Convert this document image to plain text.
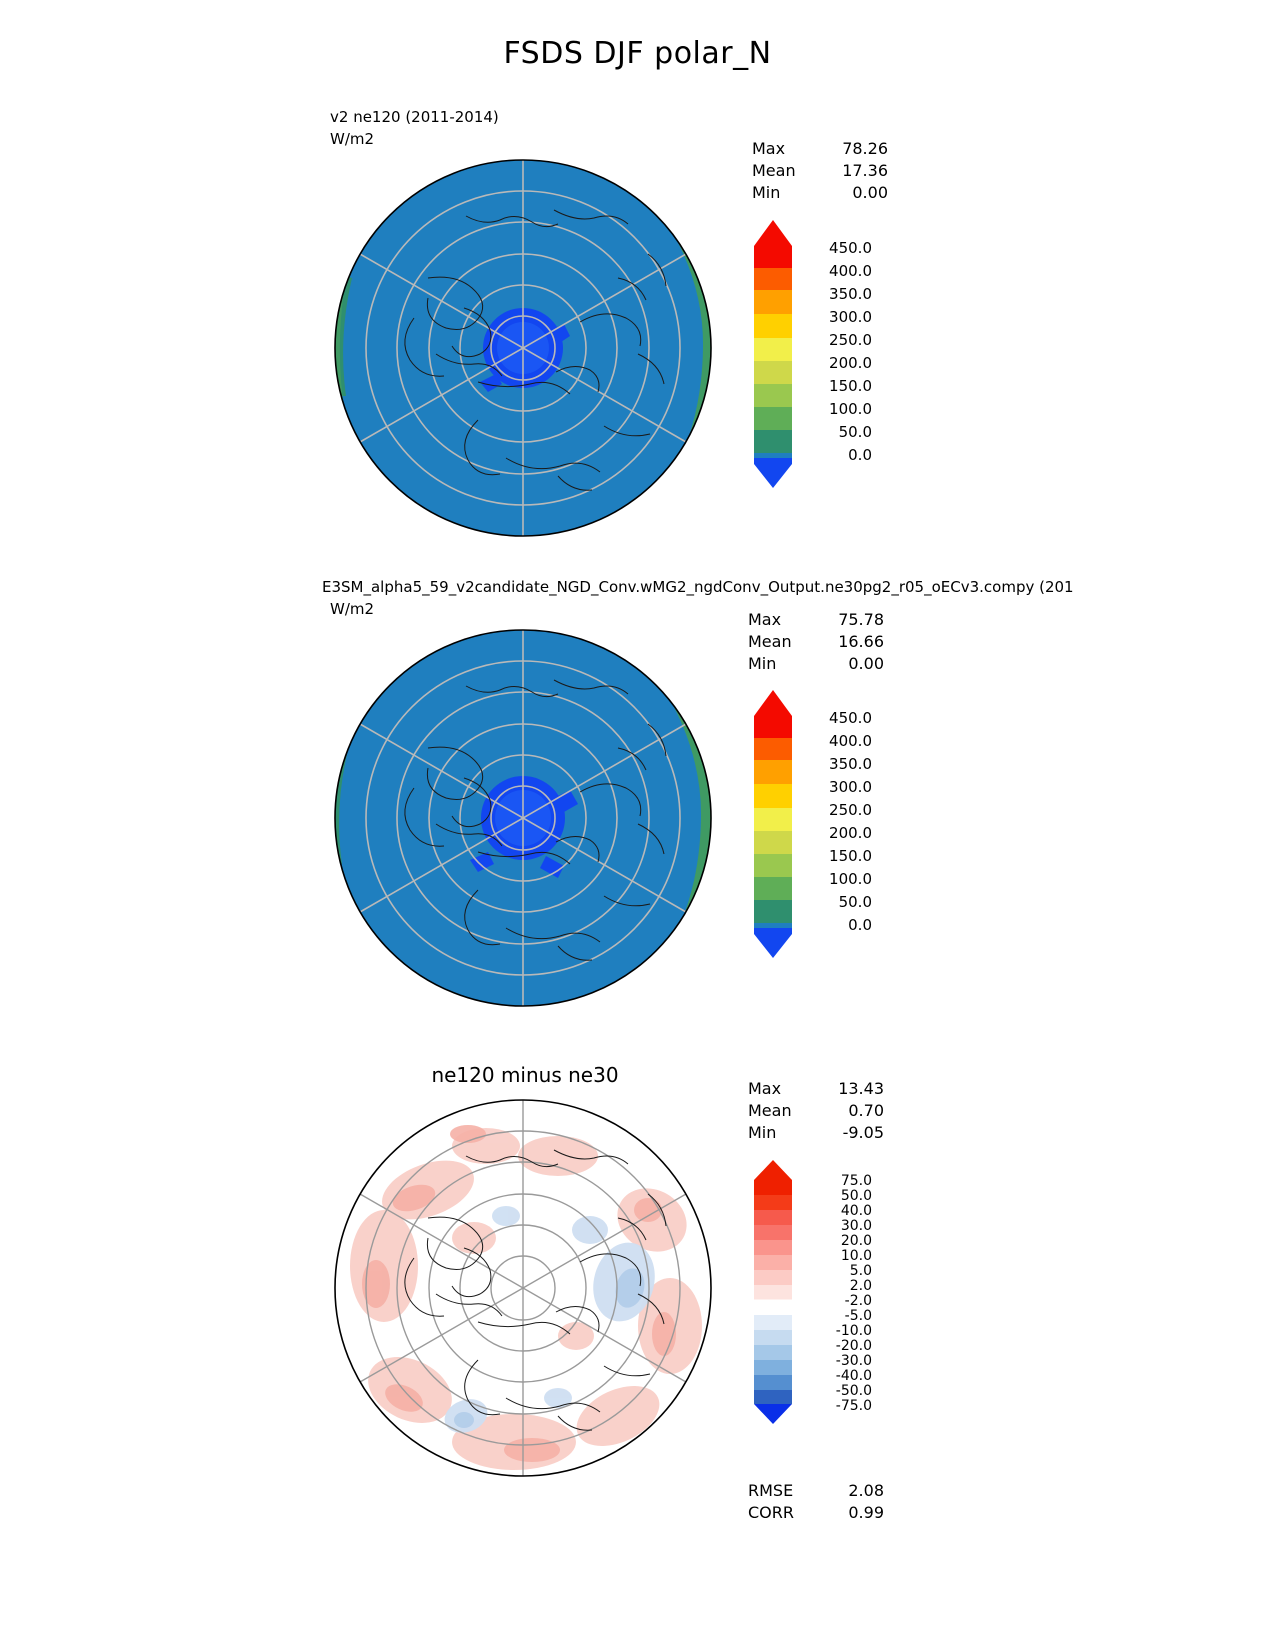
FSDS DJF polar_N
v2 ne120 (2011-2014)
W/m2	Max	78.26
Mean	17.36
Min	0.00
450.0
400.0
350.0
300.0
250.0
200.0
150.0
100.0
50.0
0.0
E3SM_alpha5_59_v2candidate_NGD_Conv.wMG2_ngdConv_Output.ne30pg2_r05_oECv3.compy (201
W/m2
Max	75.78
Mean	16.66
Min	0.00
450.0
400.0
350.0
300.0
250.0
200.0
150.0
100.0
50.0
0.0
ne120 minus ne30
Max	13.43
Mean	0.70
Min	-9.05
75.0
50.0
40.0
30.0
20.0
10.0
5.0
2.0
-2.0
-5.0
-10.0
-20.0
-30.0
-40.0
-50.0
-75.0
RMSE	2.08
CORR	0.99
